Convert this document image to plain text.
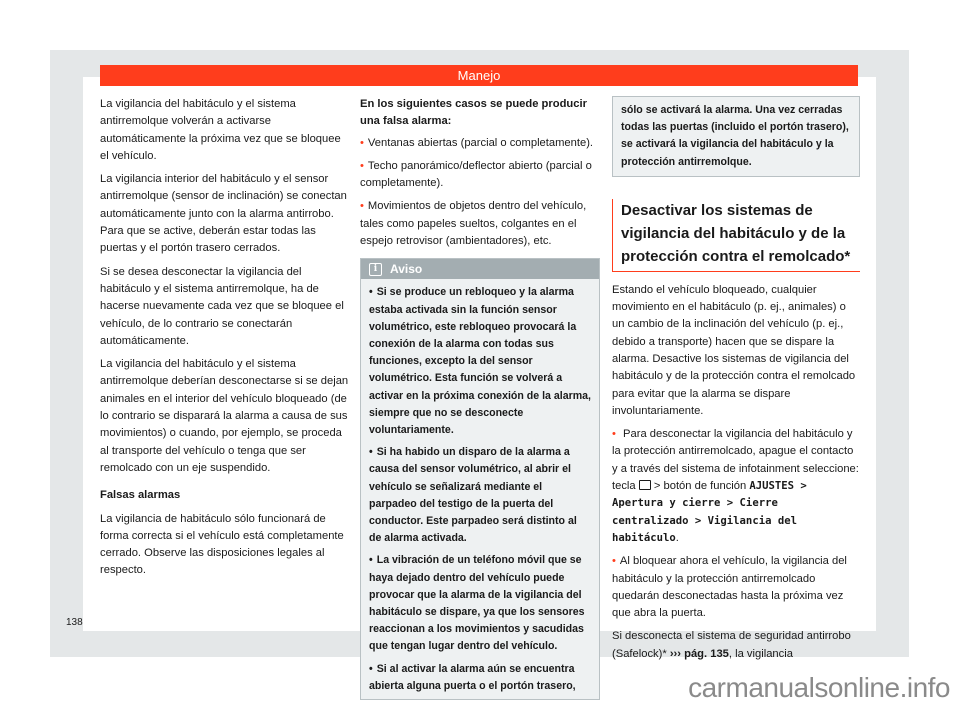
Manejo

La vigilancia del habitáculo y el sistema antirremolque volverán a activarse automáticamente la próxima vez que se bloquee el vehículo.

La vigilancia interior del habitáculo y el sensor antirremolque (sensor de inclinación) se conectan automáticamente junto con la alarma antirrobo. Para que se active, deberán estar todas las puertas y el portón trasero cerrados.

Si se desea desconectar la vigilancia del habitáculo y el sistema antirremolque, ha de hacerse nuevamente cada vez que se bloquee el vehículo, de lo contrario se conectarán automáticamente.

La vigilancia del habitáculo y el sistema antirremolque deberían desconectarse si se dejan animales en el interior del vehículo bloqueado (de lo contrario se disparará la alarma a causa de sus movimientos) o cuando, por ejemplo, se proceda al transporte del vehículo o tenga que ser remolcado con un eje suspendido.

Falsas alarmas

La vigilancia de habitáculo sólo funcionará de forma correcta si el vehículo está completamente cerrado. Observe las disposiciones legales al respecto.

En los siguientes casos se puede producir una falsa alarma:

• Ventanas abiertas (parcial o completamente).

• Techo panorámico/deflector abierto (parcial o completamente).

• Movimientos de objetos dentro del vehículo, tales como papeles sueltos, colgantes en el espejo retrovisor (ambientadores), etc.

i	Aviso

• Si se produce un rebloqueo y la alarma estaba activada sin la función sensor volumétrico, este rebloqueo provocará la conexión de la alarma con todas sus funciones, excepto la del sensor volumétrico. Esta función se volverá a activar en la próxima conexión de la alarma, siempre que no se desconecte voluntariamente.

• Si ha habido un disparo de la alarma a causa del sensor volumétrico, al abrir el vehículo se señalizará mediante el parpadeo del testigo de la puerta del conductor. Este parpadeo será distinto al de alarma activada.

• La vibración de un teléfono móvil que se haya dejado dentro del vehículo puede provocar que la alarma de la vigilancia del habitáculo se dispare, ya que los sensores reaccionan a los movimientos y sacudidas que tengan lugar dentro del vehículo.

• Si al activar la alarma aún se encuentra abierta alguna puerta o el portón trasero,

sólo se activará la alarma. Una vez cerradas todas las puertas (incluido el portón trasero), se activará la vigilancia del habitáculo y la protección antirremolque.
Desactivar los sistemas de vigilancia del habitáculo y de la protección contra el remolcado*

Estando el vehículo bloqueado, cualquier movimiento en el habitáculo (p. ej., animales) o un cambio de la inclinación del vehículo (p. ej., debido a transporte) hacen que se dispare la alarma. Desactive los sistemas de vigilancia del habitáculo y de la protección contra el remolcado para evitar que la alarma se dispare involuntariamente.

• Para desconectar la vigilancia del habitáculo y la protección antirremolcado, apague el contacto y a través del sistema de infotainment seleccione: tecla > botón de función AJUSTES > Apertura y cierre > Cierre centralizado > Vigilancia del habitáculo.

• Al bloquear ahora el vehículo, la vigilancia del habitáculo y la protección antirremolcado quedarán desconectadas hasta la próxima vez que abra la puerta.

Si desconecta el sistema de seguridad antirrobo (Safelock)* ››› pág. 135, la vigilancia

138
carmanualsonline.info
